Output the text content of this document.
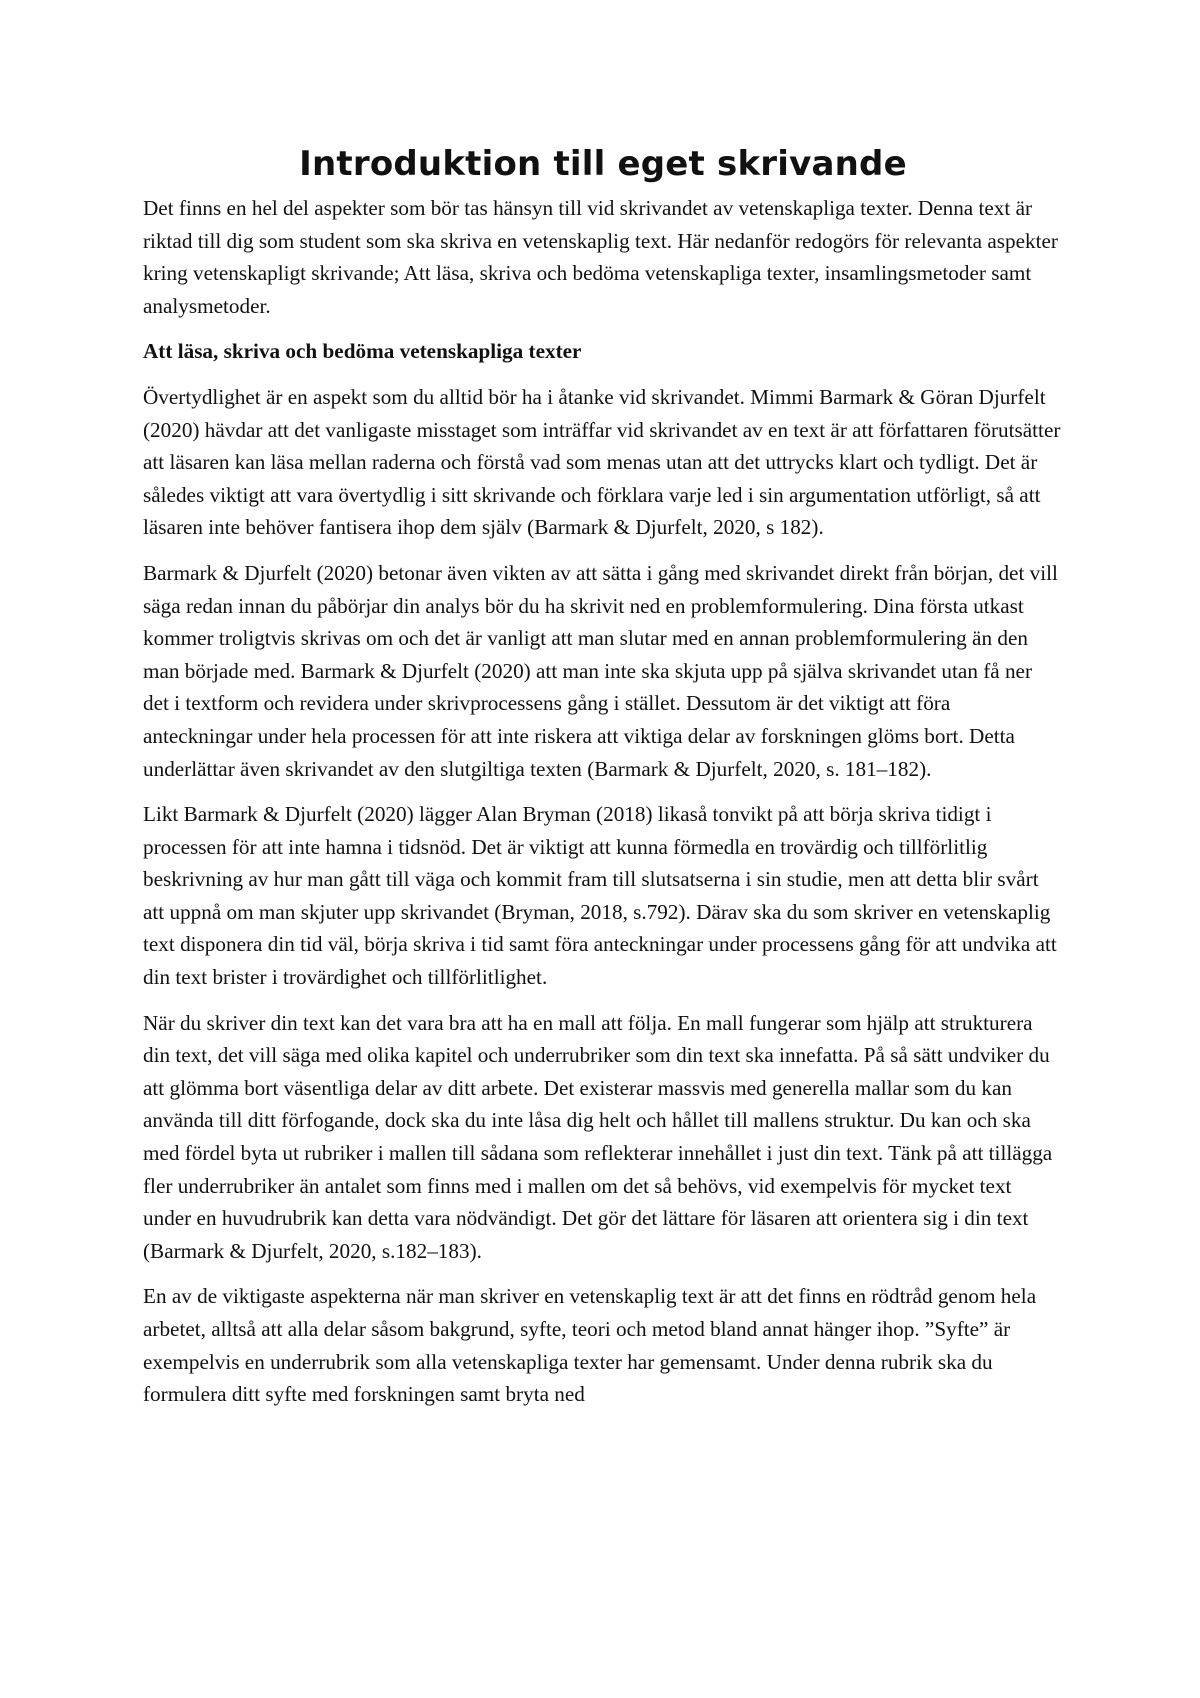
Introduktion till eget skrivande

Det finns en hel del aspekter som bör tas hänsyn till vid skrivandet av vetenskapliga texter. Denna text är riktad till dig som student som ska skriva en vetenskaplig text. Här nedanför redogörs för relevanta aspekter kring vetenskapligt skrivande; Att läsa, skriva och bedöma vetenskapliga texter, insamlingsmetoder samt analysmetoder.

Att läsa, skriva och bedöma vetenskapliga texter

Övertydlighet är en aspekt som du alltid bör ha i åtanke vid skrivandet. Mimmi Barmark & Göran Djurfelt (2020) hävdar att det vanligaste misstaget som inträffar vid skrivandet av en text är att författaren förutsätter att läsaren kan läsa mellan raderna och förstå vad som menas utan att det uttrycks klart och tydligt. Det är således viktigt att vara övertydlig i sitt skrivande och förklara varje led i sin argumentation utförligt, så att läsaren inte behöver fantisera ihop dem själv (Barmark & Djurfelt, 2020, s 182).

Barmark & Djurfelt (2020) betonar även vikten av att sätta i gång med skrivandet direkt från början, det vill säga redan innan du påbörjar din analys bör du ha skrivit ned en problemformulering. Dina första utkast kommer troligtvis skrivas om och det är vanligt att man slutar med en annan problemformulering än den man började med. Barmark & Djurfelt (2020) att man inte ska skjuta upp på själva skrivandet utan få ner det i textform och revidera under skrivprocessens gång i stället. Dessutom är det viktigt att föra anteckningar under hela processen för att inte riskera att viktiga delar av forskningen glöms bort. Detta underlättar även skrivandet av den slutgiltiga texten (Barmark & Djurfelt, 2020, s. 181–182).

Likt Barmark & Djurfelt (2020) lägger Alan Bryman (2018) likaså tonvikt på att börja skriva tidigt i processen för att inte hamna i tidsnöd. Det är viktigt att kunna förmedla en trovärdig och tillförlitlig beskrivning av hur man gått till väga och kommit fram till slutsatserna i sin studie, men att detta blir svårt att uppnå om man skjuter upp skrivandet (Bryman, 2018, s.792). Därav ska du som skriver en vetenskaplig text disponera din tid väl, börja skriva i tid samt föra anteckningar under processens gång för att undvika att din text brister i trovärdighet och tillförlitlighet.

När du skriver din text kan det vara bra att ha en mall att följa. En mall fungerar som hjälp att strukturera din text, det vill säga med olika kapitel och underrubriker som din text ska innefatta. På så sätt undviker du att glömma bort väsentliga delar av ditt arbete. Det existerar massvis med generella mallar som du kan använda till ditt förfogande, dock ska du inte låsa dig helt och hållet till mallens struktur. Du kan och ska med fördel byta ut rubriker i mallen till sådana som reflekterar innehållet i just din text. Tänk på att tillägga fler underrubriker än antalet som finns med i mallen om det så behövs, vid exempelvis för mycket text under en huvudrubrik kan detta vara nödvändigt. Det gör det lättare för läsaren att orientera sig i din text (Barmark & Djurfelt, 2020, s.182–183).

En av de viktigaste aspekterna när man skriver en vetenskaplig text är att det finns en rödtråd genom hela arbetet, alltså att alla delar såsom bakgrund, syfte, teori och metod bland annat hänger ihop. ”Syfte” är exempelvis en underrubrik som alla vetenskapliga texter har gemensamt. Under denna rubrik ska du formulera ditt syfte med forskningen samt bryta ned
